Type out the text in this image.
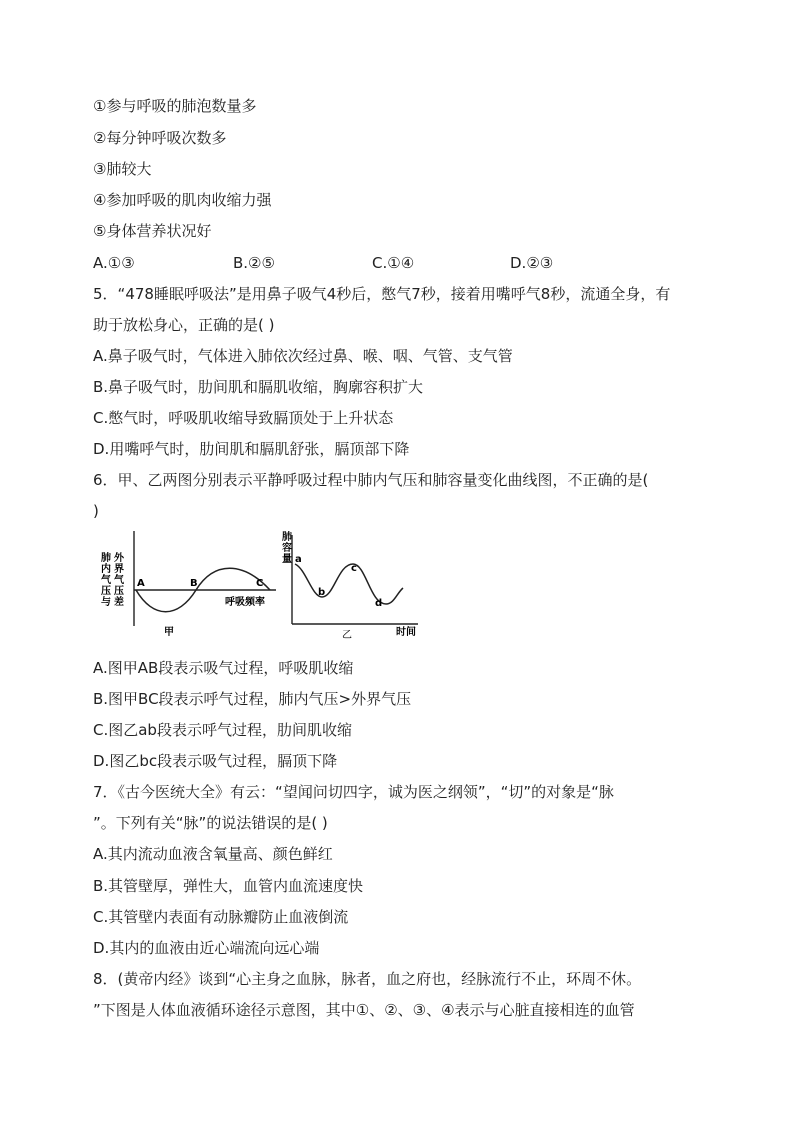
①参与呼吸的肺泡数量多
②每分钟呼吸次数多
③肺较大
④参加呼吸的肌肉收缩力强
⑤身体营养状况好
A.①③	B.②⑤	C.①④	D.②③
5．“478睡眠呼吸法”是用鼻子吸气4秒后，憋气7秒，接着用嘴呼气8秒，流通全身，有
助于放松身心，正确的是( )
A.鼻子吸气时，气体进入肺依次经过鼻、喉、咽、气管、支气管
B.鼻子吸气时，肋间肌和膈肌收缩，胸廓容积扩大
C.憋气时，呼吸肌收缩导致膈顶处于上升状态
D.用嘴呼气时，肋间肌和膈肌舒张，膈顶部下降
6．甲、乙两图分别表示平静呼吸过程中肺内气压和肺容量变化曲线图，不正确的是(
)
肺内气压与
外界气压差
A	B	C
呼吸频率
甲
肺容量 a
b
c
d
乙	时间
A.图甲AB段表示吸气过程，呼吸肌收缩
B.图甲BC段表示呼气过程，肺内气压>外界气压
C.图乙ab段表示呼气过程，肋间肌收缩
D.图乙bc段表示吸气过程，膈顶下降
7．《古今医统大全》有云：“望闻问切四字，诚为医之纲领”，“切”的对象是“脉
”。下列有关“脉”的说法错误的是( )
A.其内流动血液含氧量高、颜色鲜红
B.其管壁厚，弹性大，血管内血流速度快
C.其管壁内表面有动脉瓣防止血液倒流
D.其内的血液由近心端流向远心端
8．(黄帝内经》谈到“心主身之血脉，脉者，血之府也，经脉流行不止，环周不休。
”下图是人体血液循环途径示意图，其中①、②、③、④表示与心脏直接相连的血管
